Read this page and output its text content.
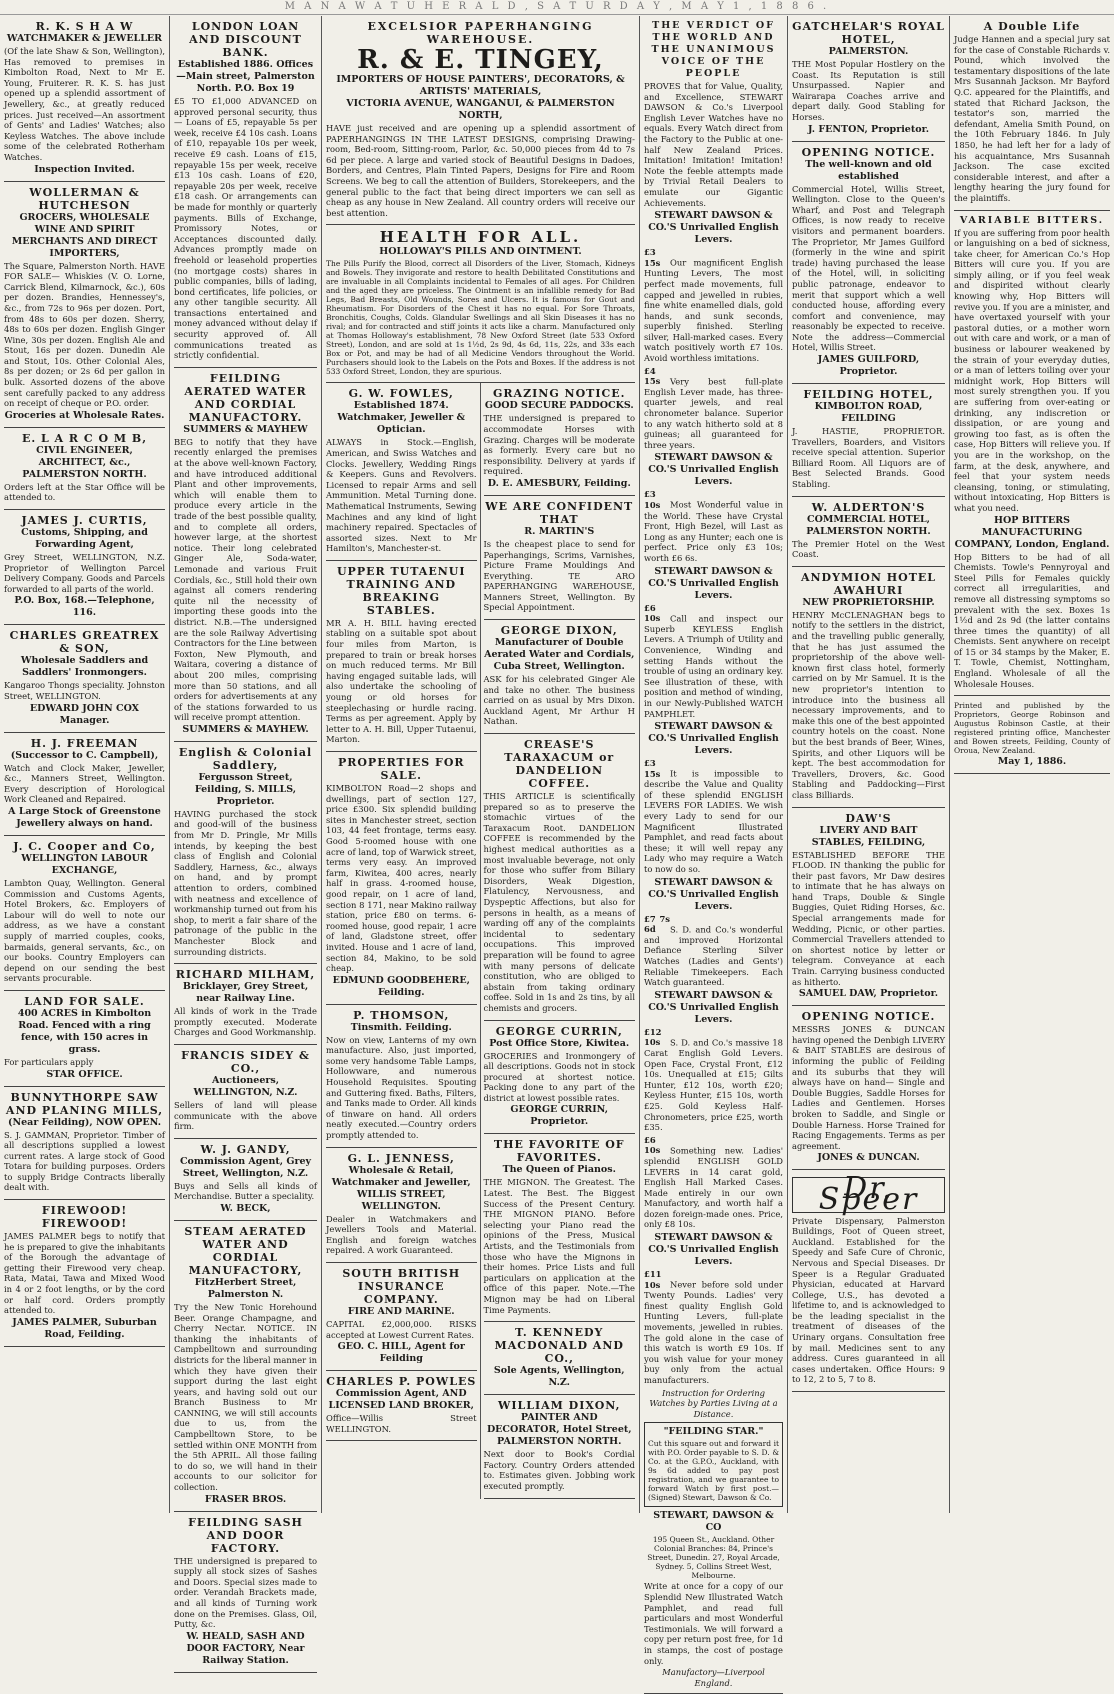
M A N A W A T U H E R A L D , S A T U R D A Y , M A Y 1 , 1 8 8 6 .
R. K. S H A W
WATCHMAKER & JEWELLER

(Of the late Shaw & Son, Wellington), Has removed to premises in Kimbolton Road, Next to Mr E. Young, Fruiterer. R. K. S. has just opened up a splendid assortment of Jewellery, &c., at greatly reduced prices. Just received—An assortment of Gents' and Ladies' Watches; also Keyless Watches. The above include some of the celebrated Rotherham Watches.

Inspection Invited.
WOLLERMAN & HUTCHESON
GROCERS, WHOLESALE WINE AND SPIRIT MERCHANTS AND DIRECT IMPORTERS,

The Square, Palmerston North. HAVE FOR SALE— Whiskies (V. O. Lorne, Carrick Blend, Kilmarnock, &c.), 60s per dozen. Brandies, Hennessey's, &c., from 72s to 96s per dozen. Port, from 48s to 60s per dozen. Sherry, 48s to 60s per dozen. English Ginger Wine, 30s per dozen. English Ale and Stout, 16s per dozen. Dunedin Ale and Stout, 10s. Other Colonial Ales, 8s per dozen; or 2s 6d per gallon in bulk. Assorted dozens of the above sent carefully packed to any address on receipt of cheque or P.O. order.

Groceries at Wholesale Rates.
E. L A R C O M B,
CIVIL ENGINEER, ARCHITECT, &c., PALMERSTON NORTH.

Orders left at the Star Office will be attended to.

JAMES J. CURTIS,
Customs, Shipping, and Forwarding Agent,

Grey Street, WELLINGTON, N.Z. Proprietor of Wellington Parcel Delivery Company. Goods and Parcels forwarded to all parts of the world.

P.O. Box, 168.—Telephone, 116.
CHARLES GREATREX & SON,
Wholesale Saddlers and Saddlers' Ironmongers.

Kangaroo Thongs speciality. Johnston Street, WELLINGTON.

EDWARD JOHN COX Manager.
H. J. FREEMAN
(Successor to C. Campbell),

Watch and Clock Maker, Jeweller, &c., Manners Street, Wellington. Every description of Horological Work Cleaned and Repaired.

A Large Stock of Greenstone Jewellery always on hand.
J. C. Cooper and Co,
WELLINGTON LABOUR EXCHANGE,

Lambton Quay, Wellington. General Commission and Customs Agents, Hotel Brokers, &c. Employers of Labour will do well to note our address, as we have a constant supply of married couples, cooks, barmaids, general servants, &c., on our books. Country Employers can depend on our sending the best servants procurable.

LAND FOR SALE.
400 ACRES in Kimbolton Road. Fenced with a ring fence, with 150 acres in grass.

For particulars apply

STAR OFFICE.
BUNNYTHORPE SAW AND PLANING MILLS,
(Near Feilding), NOW OPEN.

S. J. GAMMAN, Proprietor. Timber of all descriptions supplied a lowest current rates. A large stock of Good Totara for building purposes. Orders to supply Bridge Contracts liberally dealt with.

FIREWOOD! FIREWOOD!

JAMES PALMER begs to notify that he is prepared to give the inhabitants of the Borough the advantage of getting their Firewood very cheap. Rata, Matai, Tawa and Mixed Wood in 4 or 2 foot lengths, or by the cord or half cord. Orders promptly attended to.

JAMES PALMER, Suburban Road, Feilding.
LONDON LOAN AND DISCOUNT BANK.
Established 1886. Offices—Main street, Palmerston North. P.O. Box 19

£5 TO £1,000 ADVANCED on approved personal security, thus— Loans of £5, repayable 5s per week, receive £4 10s cash. Loans of £10, repayable 10s per week, receive £9 cash. Loans of £15, repayable 15s per week, receive £13 10s cash. Loans of £20, repayable 20s per week, receive £18 cash. Or arrangements can be made for monthly or quarterly payments. Bills of Exchange, Promissory Notes, or Acceptances discounted daily. Advances promptly made on freehold or leasehold properties (no mortgage costs) shares in public companies, bills of lading, bond certificates, life policies, or any other tangible security. All transactions entertained and money advanced without delay if security approved of. All communications treated as strictly confidential.

FEILDING AERATED WATER AND CORDIAL MANUFACTORY.
SUMMERS & MAYHEW

BEG to notify that they have recently enlarged the premises at the above well-known Factory, and have introduced additional Plant and other improvements, which will enable them to produce every article in the trade of the best possible quality, and to complete all orders, however large, at the shortest notice. Their long celebrated Ginger Ale, Soda-water, Lemonade and various Fruit Cordials, &c., Still hold their own against all comers rendering quite nil the necessity of importing these goods into the district. N.B.—The undersigned are the sole Railway Advertising Contractors for the Line between Foxton, New Plymouth, and Waitara, covering a distance of about 200 miles, comprising more than 50 stations, and all orders for advertisements at any of the stations forwarded to us will receive prompt attention.

SUMMERS & MAYHEW.
English & Colonial Saddlery,
Fergusson Street, Feilding, S. MILLS, Proprietor.

HAVING purchased the stock and good-will of the business from Mr D. Pringle, Mr Mills intends, by keeping the best class of English and Colonial Saddlery, Harness, &c., always on hand, and by prompt attention to orders, combined with neatness and excellence of workmanship turned out from his shop, to merit a fair share of the patronage of the public in the Manchester Block and surrounding districts.

RICHARD MILHAM,
Bricklayer, Grey Street, near Railway Line.

All kinds of work in the Trade promptly executed. Moderate Charges and Good Workmanship.

FRANCIS SIDEY & CO.,
Auctioneers, WELLINGTON, N.Z.

Sellers of land will please communicate with the above firm.

W. J. GANDY,
Commission Agent, Grey Street, Wellington, N.Z.

Buys and Sells all kinds of Merchandise. Butter a speciality.

W. BECK,
STEAM AERATED WATER AND CORDIAL MANUFACTORY,
FitzHerbert Street, Palmerston N.

Try the New Tonic Horehound Beer. Orange Champagne, and Cherry Nectar. NOTICE. IN thanking the inhabitants of Campbelltown and surrounding districts for the liberal manner in which they have given their support during the last eight years, and having sold out our Branch Business to Mr CANNING, we will still accounts due to us, from the Campbelltown Store, to be settled within ONE MONTH from the 5th APRIL. All those failing to do so, we will hand in their accounts to our solicitor for collection.

FRASER BROS.
FEILDING SASH AND DOOR FACTORY.

THE undersigned is prepared to supply all stock sizes of Sashes and Doors. Special sizes made to order. Verandah Brackets made, and all kinds of Turning work done on the Premises. Glass, Oil, Putty, &c.

W. HEALD, SASH AND DOOR FACTORY, Near Railway Station.
EXCELSIOR PAPERHANGING WAREHOUSE.
R. & E. TINGEY,
IMPORTERS OF HOUSE PAINTERS', DECORATORS, & ARTISTS' MATERIALS,
VICTORIA AVENUE, WANGANUI, & PALMERSTON NORTH,

HAVE just received and are opening up a splendid assortment of PAPERHANGINGS IN THE LATEST DESIGNS, comprising Drawing-room, Bed-room, Sitting-room, Parlor, &c. 50,000 pieces from 4d to 7s 6d per piece. A large and varied stock of Beautiful Designs in Dadoes, Borders, and Centres, Plain Tinted Papers, Designs for Fire and Room Screens. We beg to call the attention of Builders, Storekeepers, and the general public to the fact that being direct importers we can sell as cheap as any house in New Zealand. All country orders will receive our best attention.

HEALTH FOR ALL.
HOLLOWAY'S PILLS AND OINTMENT.

The Pills Purify the Blood, correct all Disorders of the Liver, Stomach, Kidneys and Bowels. They invigorate and restore to health Debilitated Constitutions and are invaluable in all Complaints incidental to Females of all ages. For Children and the aged they are priceless. The Ointment is an infallible remedy for Bad Legs, Bad Breasts, Old Wounds, Sores and Ulcers. It is famous for Gout and Rheumatism. For Disorders of the Chest it has no equal. For Sore Throats, Bronchitis, Coughs, Colds. Glandular Swellings and all Skin Diseases it has no rival; and for contracted and stiff joints it acts like a charm. Manufactured only at Thomas Holloway's establishment, 78 New Oxford Street (late 533 Oxford Street), London, and are sold at 1s 1½d, 2s 9d, 4s 6d, 11s, 22s, and 33s each Box or Pot, and may be had of all Medicine Vendors throughout the World. Purchasers should look to the Labels on the Pots and Boxes. If the address is not 533 Oxford Street, London, they are spurious.

G. W. FOWLES,
Established 1874. Watchmaker, Jeweller & Optician.

ALWAYS in Stock.—English, American, and Swiss Watches and Clocks. Jewellery, Wedding Rings & Keepers. Guns and Revolvers. Licensed to repair Arms and sell Ammunition. Metal Turning done. Mathematical Instruments, Sewing Machines and any kind of light machinery repaired. Spectacles of assorted sizes. Next to Mr Hamilton's, Manchester-st.

UPPER TUTAENUI TRAINING AND BREAKING STABLES.

MR A. H. BILL having erected stabling on a suitable spot about four miles from Marton, is prepared to train or break horses on much reduced terms. Mr Bill having engaged suitable lads, will also undertake the schooling of young or old horses for steeplechasing or hurdle racing. Terms as per agreement. Apply by letter to A. H. Bill, Upper Tutaenui, Marton.

PROPERTIES FOR SALE.

KIMBOLTON Road—2 shops and dwellings, part of section 127, price £300. Six splendid building sites in Manchester street, section 103, 44 feet frontage, terms easy. Good 5-roomed house with one acre of land, top of Warwick street, terms very easy. An improved farm, Kiwitea, 400 acres, nearly half in grass. 4-roomed house, good repair, on 1 acre of land, section 8 171, near Makino railway station, price £80 on terms. 6-roomed house, good repair, 1 acre of land, Gladstone street, offer invited. House and 1 acre of land, section 84, Makino, to be sold cheap.

EDMUND GOODBEHERE, Feilding.
P. THOMSON,
Tinsmith. Feilding.

Now on view, Lanterns of my own manufacture. Also, just imported, some very handsome Table Lamps, Hollowware, and numerous Household Requisites. Spouting and Guttering fixed. Baths, Filters, and Tanks made to Order. All kinds of tinware on hand. All orders neatly executed.—Country orders promptly attended to.

G. L. JENNESS,
Wholesale & Retail, Watchmaker and Jeweller, WILLIS STREET, WELLINGTON.

Dealer in Watchmakers and Jewellers Tools and Material. English and foreign watches repaired. A work Guaranteed.

SOUTH BRITISH INSURANCE COMPANY.
FIRE AND MARINE.

CAPITAL £2,000,000. RISKS accepted at Lowest Current Rates.

GEO. C. HILL, Agent for Feilding
CHARLES P. POWLES
Commission Agent, AND LICENSED LAND BROKER,

Office—Willis Street WELLINGTON.

GRAZING NOTICE.
GOOD SECURE PADDOCKS.

THE undersigned is prepared to accommodate Horses with Grazing. Charges will be moderate as formerly. Every care but no responsibility. Delivery at yards if required.

D. E. AMESBURY, Feilding.
WE ARE CONFIDENT THAT
R. MARTIN'S

Is the cheapest place to send for Paperhangings, Scrims, Varnishes, Picture Frame Mouldings And Everything. TE ARO PAPERHANGING WAREHOUSE, Manners Street, Wellington. By Special Appointment.

GEORGE DIXON,
Manufacturer of Double Aerated Water and Cordials, Cuba Street, Wellington.

ASK for his celebrated Ginger Ale and take no other. The business carried on as usual by Mrs Dixon. Auckland Agent, Mr Arthur H Nathan.

CREASE'S TARAXACUM or DANDELION COFFEE.

THIS ARTICLE is scientifically prepared so as to preserve the stomachic virtues of the Taraxacum Root. DANDELION COFFEE is recommended by the highest medical authorities as a most invaluable beverage, not only for those who suffer from Biliary Disorders, Weak Digestion, Flatulency, Nervousness, and Dyspeptic Affections, but also for persons in health, as a means of warding off any of the complaints incidental to sedentary occupations. This improved preparation will be found to agree with many persons of delicate constitution, who are obliged to abstain from taking ordinary coffee. Sold in 1s and 2s tins, by all chemists and grocers.

GEORGE CURRIN,
Post Office Store, Kiwitea.

GROCERIES and Ironmongery of all descriptions. Goods not in stock procured at shortest notice. Packing done to any part of the district at lowest possible rates.

GEORGE CURRIN, Proprietor.
THE FAVORITE OF FAVORITES.
The Queen of Pianos.

THE MIGNON. The Greatest. The Latest. The Best. The Biggest Success of the Present Century. THE MIGNON PIANO. Before selecting your Piano read the opinions of the Press, Musical Artists, and the Testimonials from those who have the Mignons in their homes. Price Lists and full particulars on application at the office of this paper. Note.—The Mignon may be had on Liberal Time Payments.

T. KENNEDY MACDONALD AND CO.,
Sole Agents, Wellington, N.Z.
WILLIAM DIXON,
PAINTER AND DECORATOR, Hotel Street, PALMERSTON NORTH.

Next door to Book's Cordial Factory. Country Orders attended to. Estimates given. Jobbing work executed promptly.

THE VERDICT OF THE WORLD AND THE UNANIMOUS VOICE OF THE PEOPLE

PROVES that for Value, Quality, and Excellence, STEWART DAWSON & Co.'s Liverpool English Lever Watches have no equals. Every Watch direct from the Factory to the Public at one-half New Zealand Prices. Imitation! Imitation! Imitation! Note the feeble attempts made by Trivial Retail Dealers to emulate our Gigantic Achievements.

STEWART DAWSON & CO.'S Unrivalled English Levers.

£3 15s Our magnificent English Hunting Levers, The most perfect made movements, full capped and jewelled in rubies, fine white enamelled dials, gold hands, and sunk seconds, superbly finished. Sterling silver, Hall-marked cases. Every watch positively worth £7 10s. Avoid worthless imitations.

£4 15s Very best full-plate English Lever made, has three-quarter jewels, and real chronometer balance. Superior to any watch hitherto sold at 8 guineas; all guaranteed for three years.

STEWART DAWSON & CO.'S Unrivalled English Levers.

£3 10s Most Wonderful value in the World. These have Crystal Front, High Bezel, will Last as Long as any Hunter; each one is perfect. Price only £3 10s; worth £6 6s.

STEWART DAWSON & CO.'S Unrivalled English Levers.

£6 10s Call and inspect our Superb KEYLESS English Levers. A Triumph of Utility and Convenience, Winding and setting Hands without the trouble of using an ordinary key. See illustration of these, with position and method of winding, in our Newly-Published WATCH PAMPHLET.

STEWART DAWSON & CO.'S Unrivalled English Levers.

£3 15s It is impossible to describe the Value and Quality of these splendid ENGLISH LEVERS FOR LADIES. We wish every Lady to send for our Magnificent Illustrated Pamphlet, and read facts about these; it will well repay any Lady who may require a Watch to now do so.

STEWART DAWSON & CO.'S Unrivalled English Levers.

£7 7s 6d S. D. and Co.'s wonderful and improved Horizontal Defiance Sterling Silver Watches (Ladies and Gents') Reliable Timekeepers. Each Watch guaranteed.

STEWART DAWSON & CO.'S Unrivalled English Levers.

£12 10s S. D. and Co.'s massive 18 Carat English Gold Levers. Open Face, Crystal Front, £12 10s. Unequalled at £15; Gilts Hunter, £12 10s, worth £20; Keyless Hunter, £15 10s, worth £25. Gold Keyless Half-Chronometers, price £25, worth £35.

£6 10s Something new. Ladies' splendid ENGLISH GOLD LEVERS in 14 carat gold, English Hall Marked Cases. Made entirely in our own Manufactory, and worth half a dozen foreign-made ones. Price, only £8 10s.

STEWART DAWSON & CO.'S Unrivalled English Levers.

£11 10s Never before sold under Twenty Pounds. Ladies' very finest quality English Gold Hunting Levers, full-plate movements, jewelled in rubies. The gold alone in the case of this watch is worth £9 10s. If you wish value for your money buy only from the actual manufacturers.

Instruction for Ordering Watches by Parties Living at a Distance.

"FEILDING STAR."

Cut this square out and forward it with P.O. Order payable to S. D. & Co. at the G.P.O., Auckland, with 9s 6d added to pay post registration, and we guarantee to forward Watch by first post.—(Signed) Stewart, Dawson & Co.

STEWART, DAWSON & CO

195 Queen St., Auckland. Other Colonial Branches: 84, Prince's Street, Dunedin. 27, Royal Arcade, Sydney. 5, Collins Street West, Melbourne.

Write at once for a copy of our Splendid New Illustrated Watch Pamphlet, and read full particulars and most Wonderful Testimonials. We will forward a copy per return post free, for 1d in stamps, the cost of postage only.

Manufactory—Liverpool England.
GATCHELAR'S ROYAL HOTEL,
PALMERSTON.

THE Most Popular Hostlery on the Coast. Its Reputation is still Unsurpassed. Napier and Wairarapa Coaches arrive and depart daily. Good Stabling for Horses.

J. FENTON, Proprietor.
OPENING NOTICE.
The well-known and old established

Commercial Hotel, Willis Street, Wellington. Close to the Queen's Wharf, and Post and Telegraph Offices, is now ready to receive visitors and permanent boarders. The Proprietor, Mr James Guilford (formerly in the wine and spirit trade) having purchased the lease of the Hotel, will, in soliciting public patronage, endeavor to merit that support which a well conducted house, affording every comfort and convenience, may reasonably be expected to receive. Note the address—Commercial Hotel, Willis Street.

JAMES GUILFORD, Proprietor.
FEILDING HOTEL,
KIMBOLTON ROAD, FEILDING

J. HASTIE, PROPRIETOR. Travellers, Boarders, and Visitors receive special attention. Superior Billiard Room. All Liquors are of Best Selected Brands. Good Stabling.

W. ALDERTON'S
COMMERCIAL HOTEL, PALMERSTON NORTH.

The Premier Hotel on the West Coast.

ANDYMION HOTEL AWAHURI
NEW PROPRIETORSHIP.

HENRY McCLENAGHAN begs to notify to the settlers in the district, and the travelling public generally, that he has just assumed the proprietorship of the above well-known first class hotel, formerly carried on by Mr Samuel. It is the new proprietor's intention to introduce into the business all necessary improvements, and to make this one of the best appointed country hotels on the coast. None but the best brands of Beer, Wines, Spirits, and other Liquors will be kept. The best accommodation for Travellers, Drovers, &c. Good Stabling and Paddocking—First class Billiards.

DAW'S
LIVERY AND BAIT STABLES, FEILDING,

ESTABLISHED BEFORE THE FLOOD. IN thanking the public for their past favors, Mr Daw desires to intimate that he has always on hand Traps, Double & Single Buggies, Quiet Riding Horses, &c. Special arrangements made for Wedding, Picnic, or other parties. Commercial Travellers attended to on shortest notice by letter or telegram. Conveyance at each Train. Carrying business conducted as hitherto.

SAMUEL DAW, Proprietor.
OPENING NOTICE.

MESSRS JONES & DUNCAN having opened the Denbigh LIVERY & BAIT STABLES are desirous of informing the public of Feilding and its suburbs that they will always have on hand— Single and Double Buggies, Saddle Horses for Ladies and Gentlemen. Horses broken to Saddle, and Single or Double Harness. Horse Trained for Racing Engagements. Terms as per agreement.

JONES & DUNCAN.
Dr. Speer

Private Dispensary, Palmerston Buildings, Foot of Queen street, Auckland. Established for the Speedy and Safe Cure of Chronic, Nervous and Special Diseases. Dr Speer is a Regular Graduated Physician, educated at Harvard College, U.S., has devoted a lifetime to, and is acknowledged to be the leading specialist in the treatment of diseases of the Urinary organs. Consultation free by mail. Medicines sent to any address. Cures guaranteed in all cases undertaken. Office Hours: 9 to 12, 2 to 5, 7 to 8.

A Double Life

Judge Hannen and a special jury sat for the case of Constable Richards v. Pound, which involved the testamentary dispositions of the late Mrs Susannah Jackson. Mr Bayford Q.C. appeared for the Plaintiffs, and stated that Richard Jackson, the testator's son, married the defendant, Amelia Smith Pound, on the 10th February 1846. In July 1850, he had left her for a lady of his acquaintance, Mrs Susannah Jackson. The case excited considerable interest, and after a lengthy hearing the jury found for the plaintiffs.

VARIABLE BITTERS.

If you are suffering from poor health or languishing on a bed of sickness, take cheer, for American Co.'s Hop Bitters will cure you. If you are simply ailing, or if you feel weak and dispirited without clearly knowing why, Hop Bitters will revive you. If you are a minister, and have overtaxed yourself with your pastoral duties, or a mother worn out with care and work, or a man of business or labourer weakened by the strain of your everyday duties, or a man of letters toiling over your midnight work, Hop Bitters will most surely strengthen you. If you are suffering from over-eating or drinking, any indiscretion or dissipation, or are young and growing too fast, as is often the case, Hop Bitters will relieve you. If you are in the workshop, on the farm, at the desk, anywhere, and feel that your system needs cleansing, toning, or stimulating, without intoxicating, Hop Bitters is what you need.

HOP BITTERS MANUFACTURING COMPANY, London, England.

Hop Bitters to be had of all Chemists. Towle's Pennyroyal and Steel Pills for Females quickly correct all irregularities, and remove all distressing symptoms so prevalent with the sex. Boxes 1s 1½d and 2s 9d (the latter contains three times the quantity) of all Chemists. Sent anywhere on receipt of 15 or 34 stamps by the Maker, E. T. Towle, Chemist, Nottingham, England. Wholesale of all the Wholesale Houses.

Printed and published by the Proprietors, George Robinson and Augustus Robinson Castle, at their registered printing office, Manchester and Bowen streets, Feilding, County of Oroua, New Zealand.

May 1, 1886.
